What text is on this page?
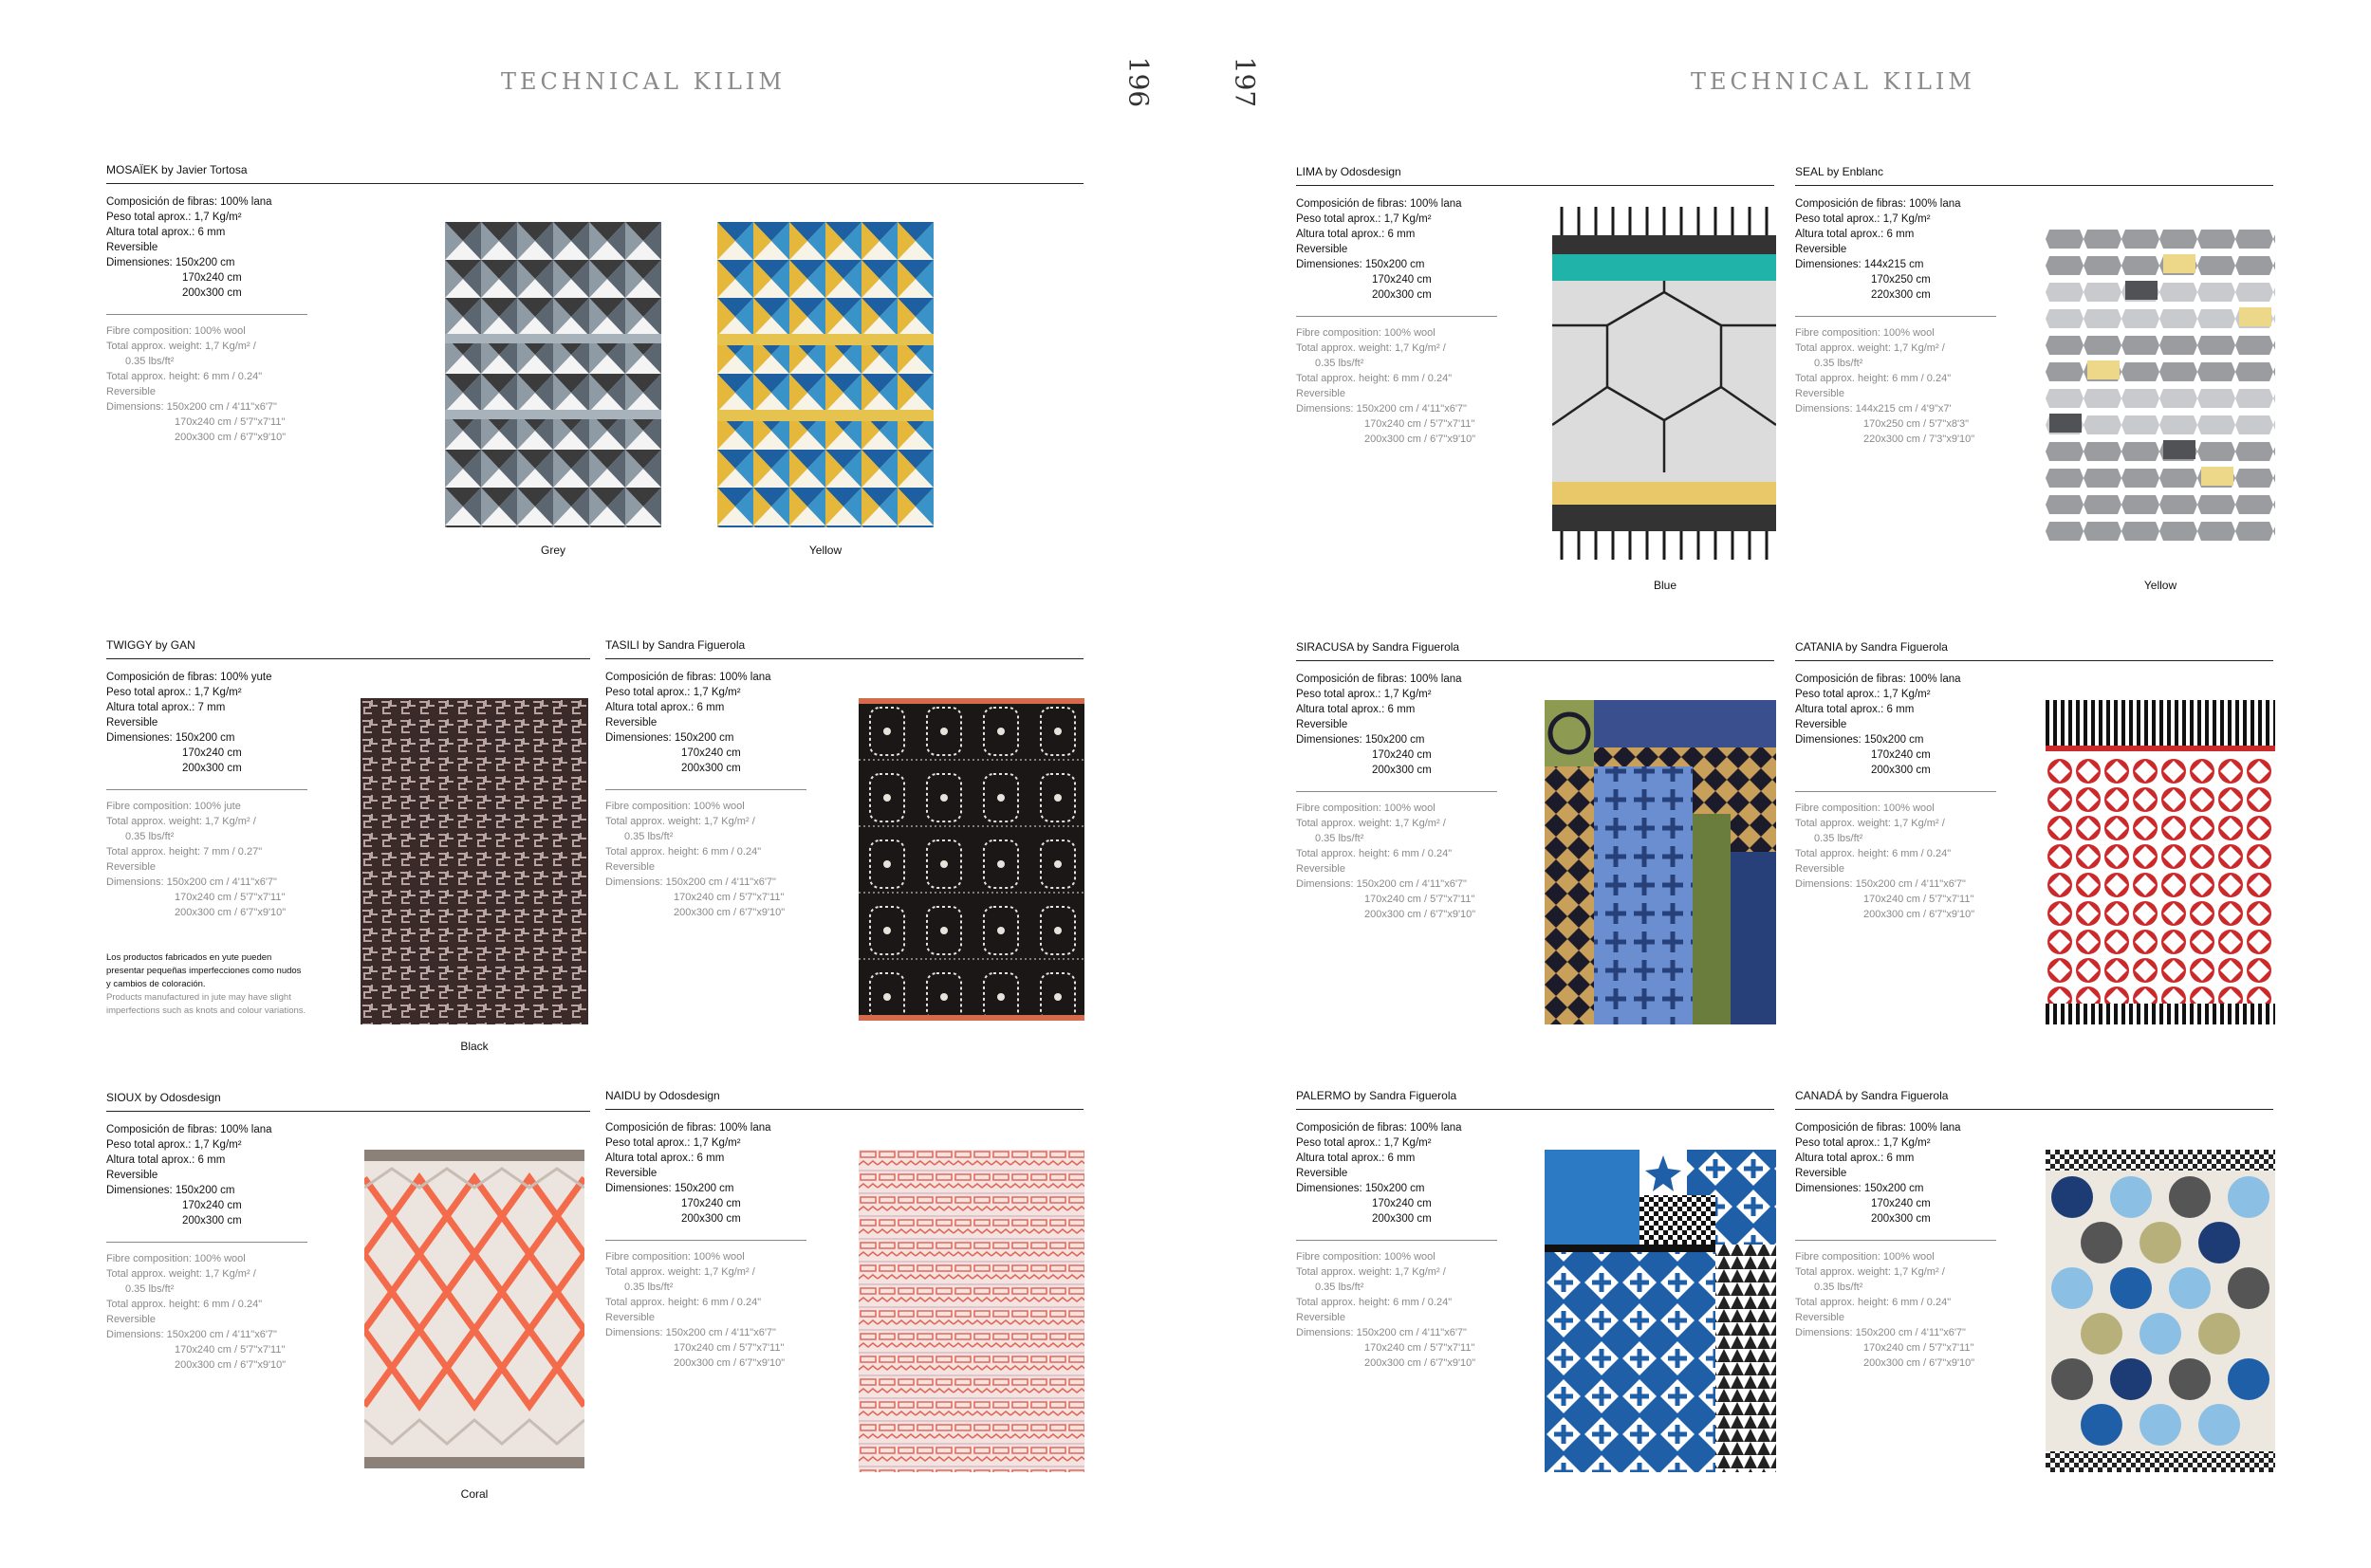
TECHNICAL KILIM	TECHNICAL KILIM
196	197
MOSAÏEK by Javier Tortosa
Composición de fibras: 100% lana
Peso total aprox.: 1,7 Kg/m²
Altura total aprox.: 6 mm
Reversible
Dimensiones: 150x200 cm
170x240 cm
200x300 cm
Fibre composition: 100% wool
Total approx. weight: 1,7 Kg/m² /
0.35 lbs/ft²
Total approx. height: 6 mm / 0.24"
Reversible
Dimensions: 150x200 cm / 4'11"x6'7"
170x240 cm / 5'7"x7'11"
200x300 cm / 6'7"x9'10"
TWIGGY by GAN
Composición de fibras: 100% yute
Peso total aprox.: 1,7 Kg/m²
Altura total aprox.: 7 mm
Reversible
Dimensiones: 150x200 cm
170x240 cm
200x300 cm
Fibre composition: 100% jute
Total approx. weight: 1,7 Kg/m² /
0.35 lbs/ft²
Total approx. height: 7 mm / 0.27"
Reversible
Dimensions: 150x200 cm / 4'11"x6'7"
170x240 cm / 5'7"x7'11"
200x300 cm / 6'7"x9'10"
TASILI by Sandra Figuerola
Composición de fibras: 100% lana
Peso total aprox.: 1,7 Kg/m²
Altura total aprox.: 6 mm
Reversible
Dimensiones: 150x200 cm
170x240 cm
200x300 cm
Fibre composition: 100% wool
Total approx. weight: 1,7 Kg/m² /
0.35 lbs/ft²
Total approx. height: 6 mm / 0.24"
Reversible
Dimensions: 150x200 cm / 4'11"x6'7"
170x240 cm / 5'7"x7'11"
200x300 cm / 6'7"x9'10"
SIOUX by Odosdesign
Composición de fibras: 100% lana
Peso total aprox.: 1,7 Kg/m²
Altura total aprox.: 6 mm
Reversible
Dimensiones: 150x200 cm
170x240 cm
200x300 cm
Fibre composition: 100% wool
Total approx. weight: 1,7 Kg/m² /
0.35 lbs/ft²
Total approx. height: 6 mm / 0.24"
Reversible
Dimensions: 150x200 cm / 4'11"x6'7"
170x240 cm / 5'7"x7'11"
200x300 cm / 6'7"x9'10"
NAIDU by Odosdesign
Composición de fibras: 100% lana
Peso total aprox.: 1,7 Kg/m²
Altura total aprox.: 6 mm
Reversible
Dimensiones: 150x200 cm
170x240 cm
200x300 cm
Fibre composition: 100% wool
Total approx. weight: 1,7 Kg/m² /
0.35 lbs/ft²
Total approx. height: 6 mm / 0.24"
Reversible
Dimensions: 150x200 cm / 4'11"x6'7"
170x240 cm / 5'7"x7'11"
200x300 cm / 6'7"x9'10"
LIMA by Odosdesign
Composición de fibras: 100% lana
Peso total aprox.: 1,7 Kg/m²
Altura total aprox.: 6 mm
Reversible
Dimensiones: 150x200 cm
170x240 cm
200x300 cm
Fibre composition: 100% wool
Total approx. weight: 1,7 Kg/m² /
0.35 lbs/ft²
Total approx. height: 6 mm / 0.24"
Reversible
Dimensions: 150x200 cm / 4'11"x6'7"
170x240 cm / 5'7"x7'11"
200x300 cm / 6'7"x9'10"
SEAL by Enblanc
Composición de fibras: 100% lana
Peso total aprox.: 1,7 Kg/m²
Altura total aprox.: 6 mm
Reversible
Dimensiones: 144x215 cm
170x250 cm
220x300 cm
Fibre composition: 100% wool
Total approx. weight: 1,7 Kg/m² /
0.35 lbs/ft²
Total approx. height: 6 mm / 0.24"
Reversible
Dimensions: 144x215 cm / 4'9"x7'
170x250 cm / 5'7"x8'3"
220x300 cm / 7'3"x9'10"
SIRACUSA by Sandra Figuerola
Composición de fibras: 100% lana
Peso total aprox.: 1,7 Kg/m²
Altura total aprox.: 6 mm
Reversible
Dimensiones: 150x200 cm
170x240 cm
200x300 cm
Fibre composition: 100% wool
Total approx. weight: 1,7 Kg/m² /
0.35 lbs/ft²
Total approx. height: 6 mm / 0.24"
Reversible
Dimensions: 150x200 cm / 4'11"x6'7"
170x240 cm / 5'7"x7'11"
200x300 cm / 6'7"x9'10"
CATANIA by Sandra Figuerola
Composición de fibras: 100% lana
Peso total aprox.: 1,7 Kg/m²
Altura total aprox.: 6 mm
Reversible
Dimensiones: 150x200 cm
170x240 cm
200x300 cm
Fibre composition: 100% wool
Total approx. weight: 1,7 Kg/m² /
0.35 lbs/ft²
Total approx. height: 6 mm / 0.24"
Reversible
Dimensions: 150x200 cm / 4'11"x6'7"
170x240 cm / 5'7"x7'11"
200x300 cm / 6'7"x9'10"
PALERMO by Sandra Figuerola
Composición de fibras: 100% lana
Peso total aprox.: 1,7 Kg/m²
Altura total aprox.: 6 mm
Reversible
Dimensiones: 150x200 cm
170x240 cm
200x300 cm
Fibre composition: 100% wool
Total approx. weight: 1,7 Kg/m² /
0.35 lbs/ft²
Total approx. height: 6 mm / 0.24"
Reversible
Dimensions: 150x200 cm / 4'11"x6'7"
170x240 cm / 5'7"x7'11"
200x300 cm / 6'7"x9'10"
CANADÁ by Sandra Figuerola
Composición de fibras: 100% lana
Peso total aprox.: 1,7 Kg/m²
Altura total aprox.: 6 mm
Reversible
Dimensiones: 150x200 cm
170x240 cm
200x300 cm
Fibre composition: 100% wool
Total approx. weight: 1,7 Kg/m² /
0.35 lbs/ft²
Total approx. height: 6 mm / 0.24"
Reversible
Dimensions: 150x200 cm / 4'11"x6'7"
170x240 cm / 5'7"x7'11"
200x300 cm / 6'7"x9'10"
Los productos fabricados en yute pueden presentar pequeñas imperfecciones como nudos y cambios de coloración.
Products manufactured in jute may have slight imperfections such as knots and colour variations.
Grey	Yellow
Black
Coral
Blue	Yellow
